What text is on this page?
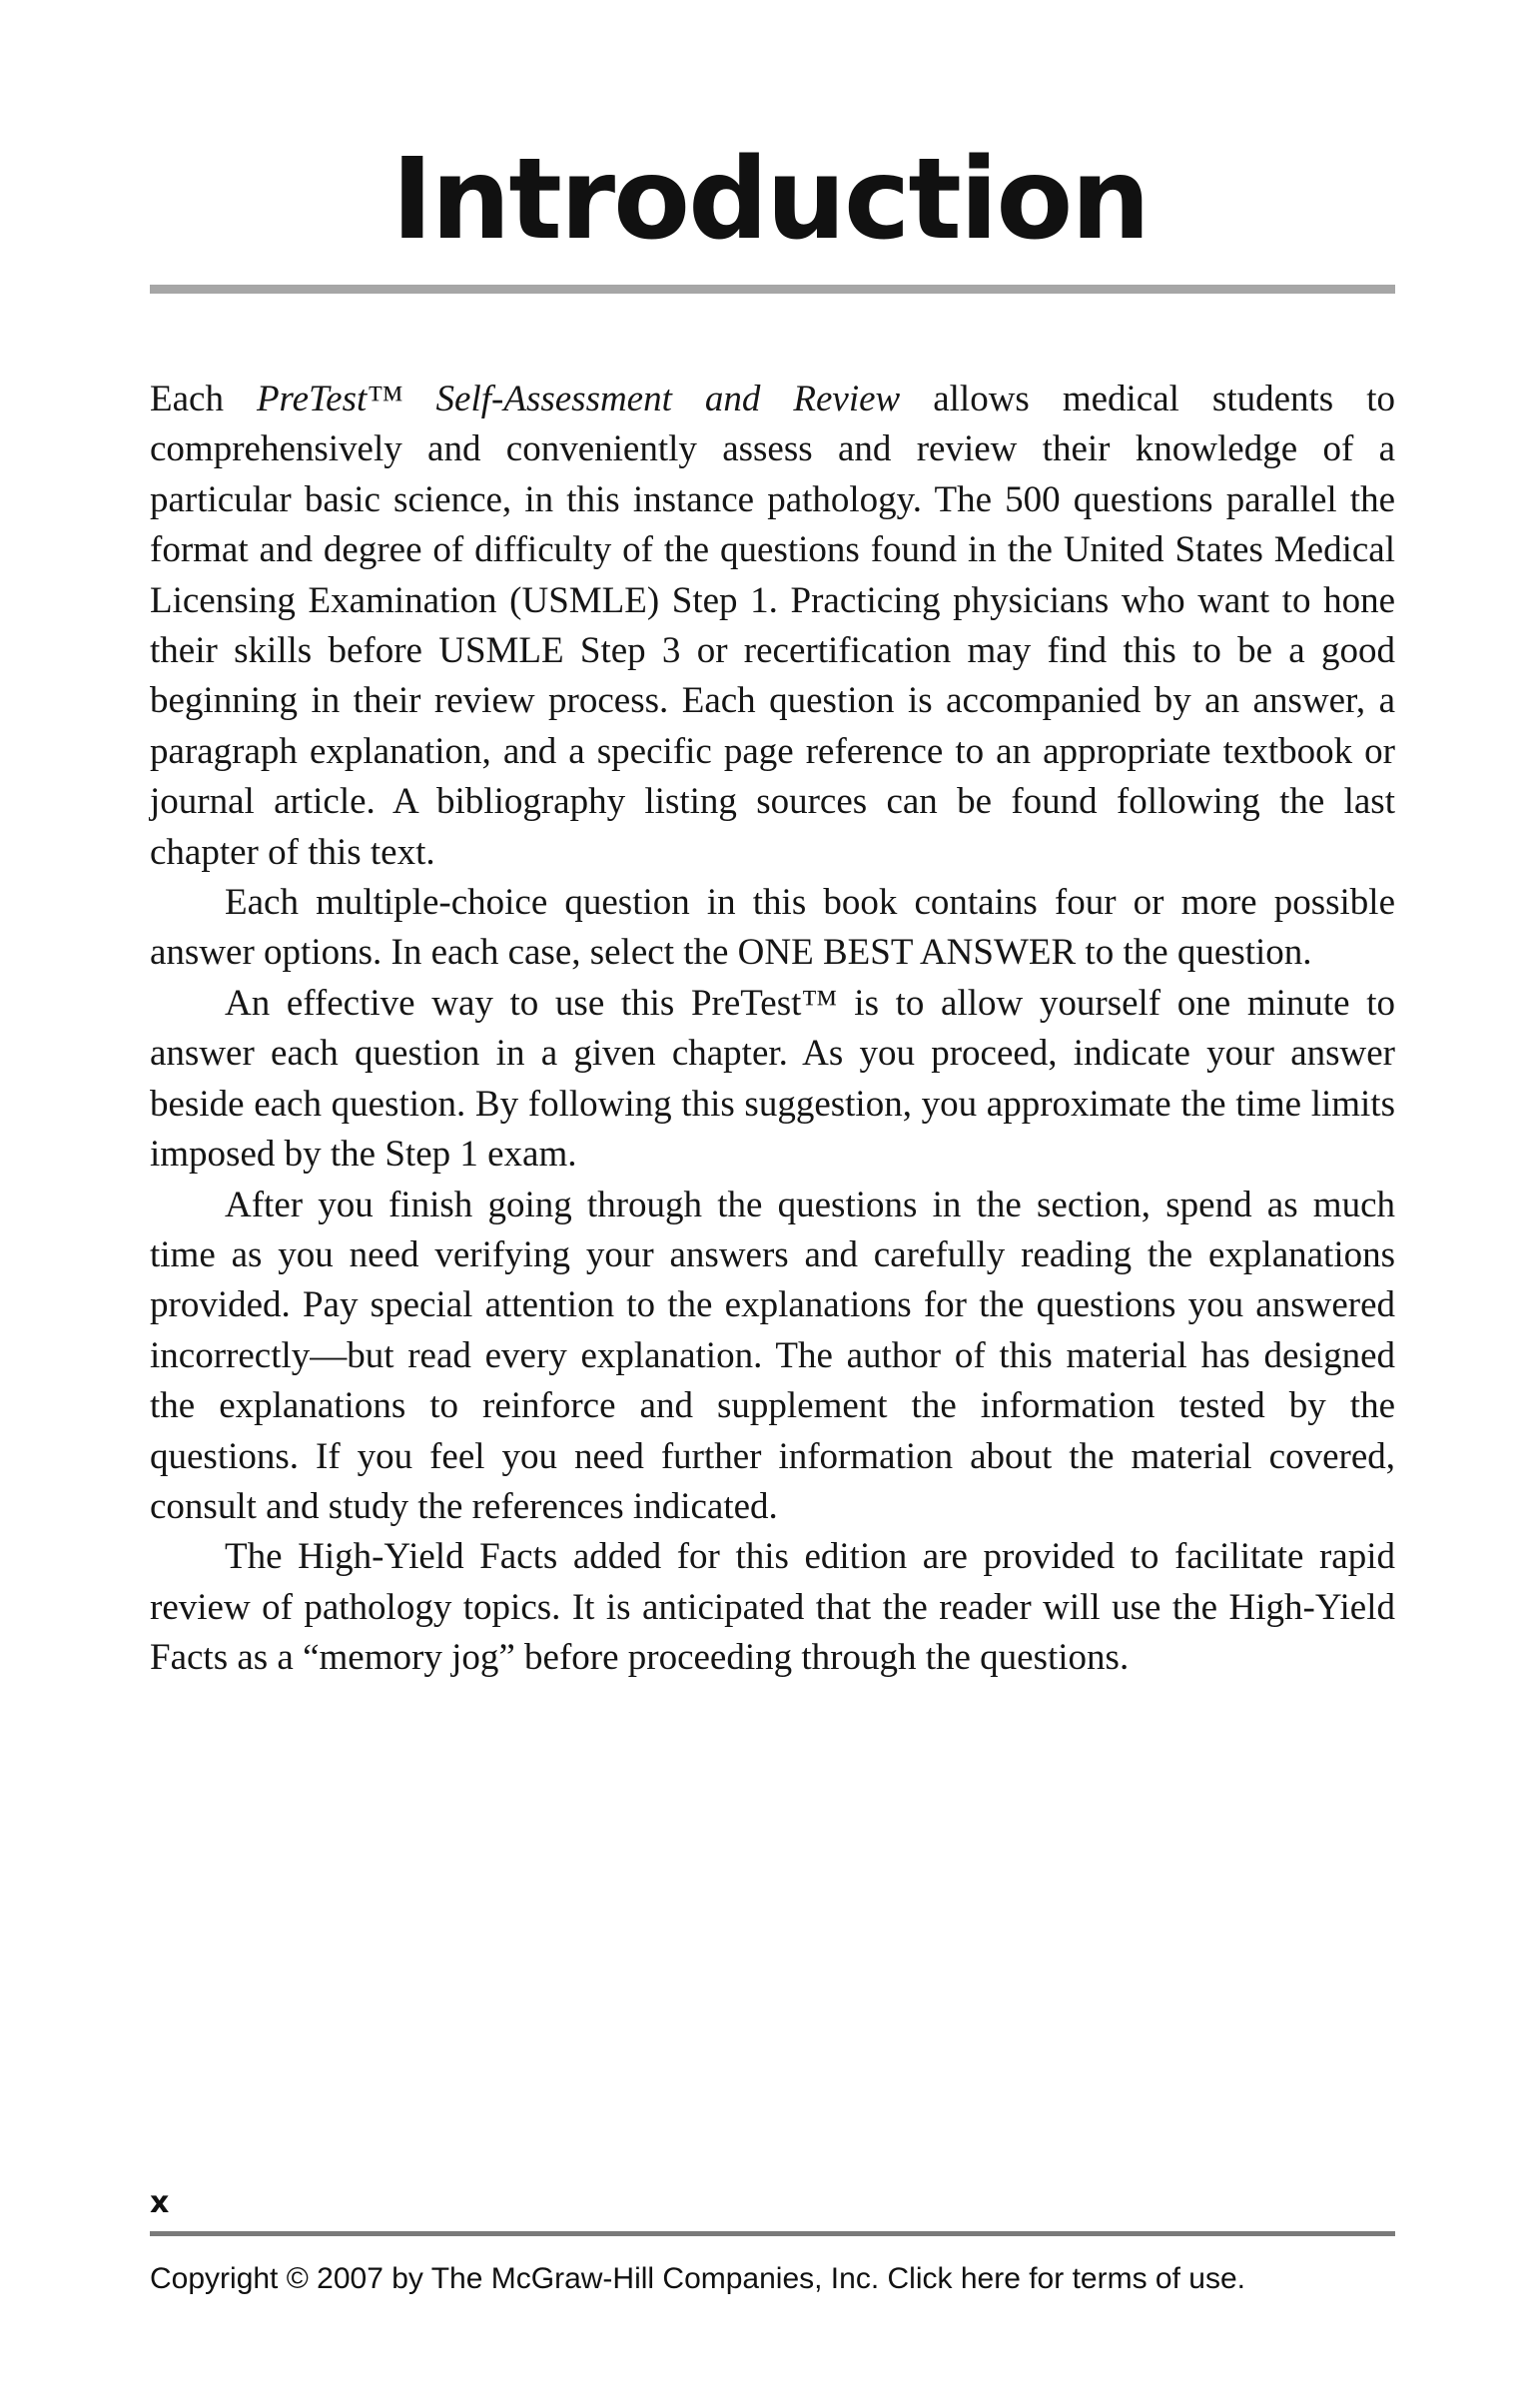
Introduction

Each PreTest™ Self-Assessment and Review allows medical students to comprehensively and conveniently assess and review their knowledge of a particular basic science, in this instance pathology. The 500 questions parallel the format and degree of difficulty of the questions found in the United States Medical Licensing Examination (USMLE) Step 1. Practicing physicians who want to hone their skills before USMLE Step 3 or recertification may find this to be a good beginning in their review process. Each question is accompanied by an answer, a paragraph explanation, and a specific page reference to an appropriate textbook or journal article. A bibliography listing sources can be found following the last chapter of this text.

Each multiple-choice question in this book contains four or more possible answer options. In each case, select the ONE BEST ANSWER to the question.

An effective way to use this PreTest™ is to allow yourself one minute to answer each question in a given chapter. As you proceed, indicate your answer beside each question. By following this suggestion, you approximate the time limits imposed by the Step 1 exam.

After you finish going through the questions in the section, spend as much time as you need verifying your answers and carefully reading the explanations provided. Pay special attention to the explanations for the questions you answered incorrectly—but read every explanation. The author of this material has designed the explanations to reinforce and supplement the information tested by the questions. If you feel you need further information about the material covered, consult and study the references indicated.

The High-Yield Facts added for this edition are provided to facilitate rapid review of pathology topics. It is anticipated that the reader will use the High-Yield Facts as a “memory jog” before proceeding through the questions.

x
Copyright © 2007 by The McGraw-Hill Companies, Inc. Click here for terms of use.
